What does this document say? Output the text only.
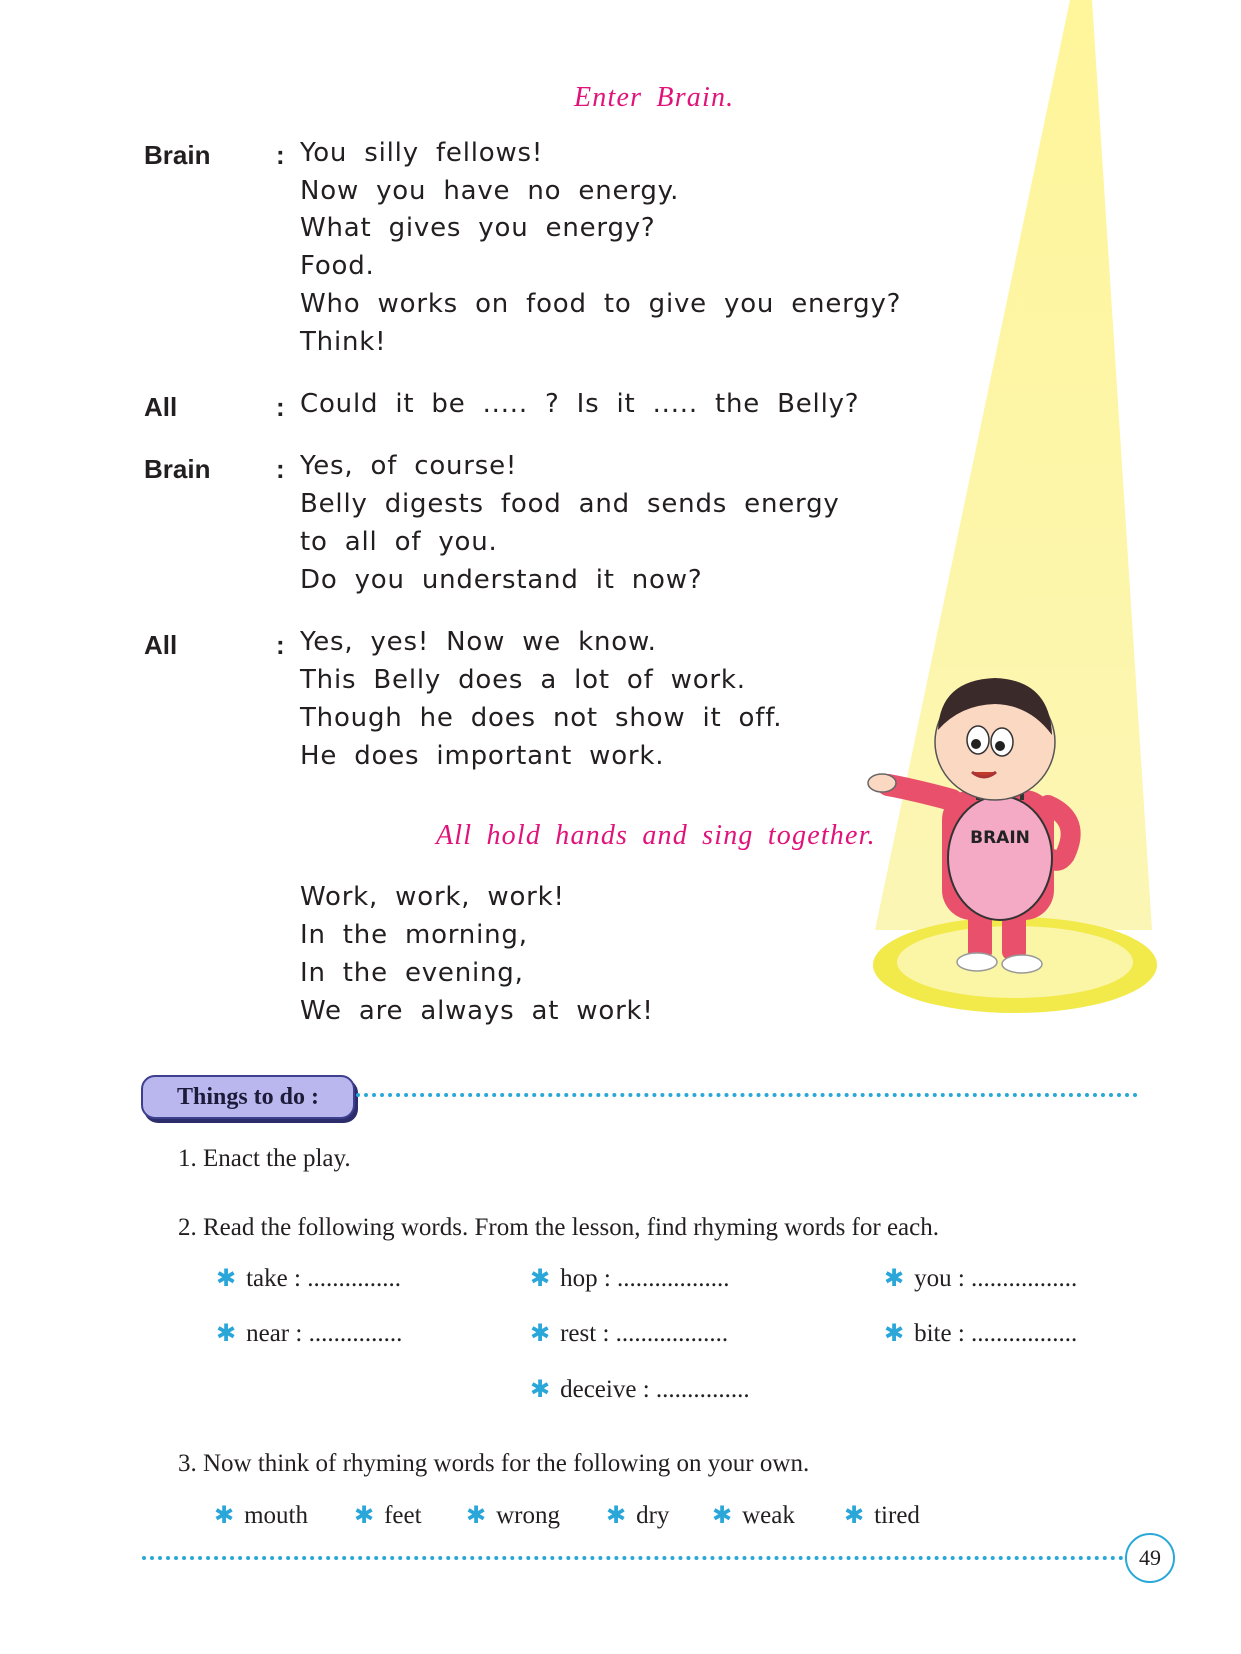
BRAIN
Enter Brain.
Brain	: You silly fellows!
Now you have no energy.
What gives you energy?
Food.
Who works on food to give you energy?
Think!
All	: Could it be ..... ? Is it ..... the Belly?
Brain	: Yes, of course!
Belly digests food and sends energy
to all of you.
Do you understand it now?
All	: Yes, yes! Now we know.
This Belly does a lot of work.
Though he does not show it off.
He does important work.
All hold hands and sing together.
Work, work, work!
In the morning,
In the evening,
We are always at work!
Things to do :
1. Enact the play.
2. Read the following words. From the lesson, find rhyming words for each.
✱ take : ...............	✱ hop : ..................	✱ you : .................
✱ near : ...............	✱ rest : ..................	✱ bite : .................
✱ deceive : ...............
3. Now think of rhyming words for the following on your own.
✱ mouth ✱ feet ✱ wrong ✱ dry ✱ weak ✱ tired
49
